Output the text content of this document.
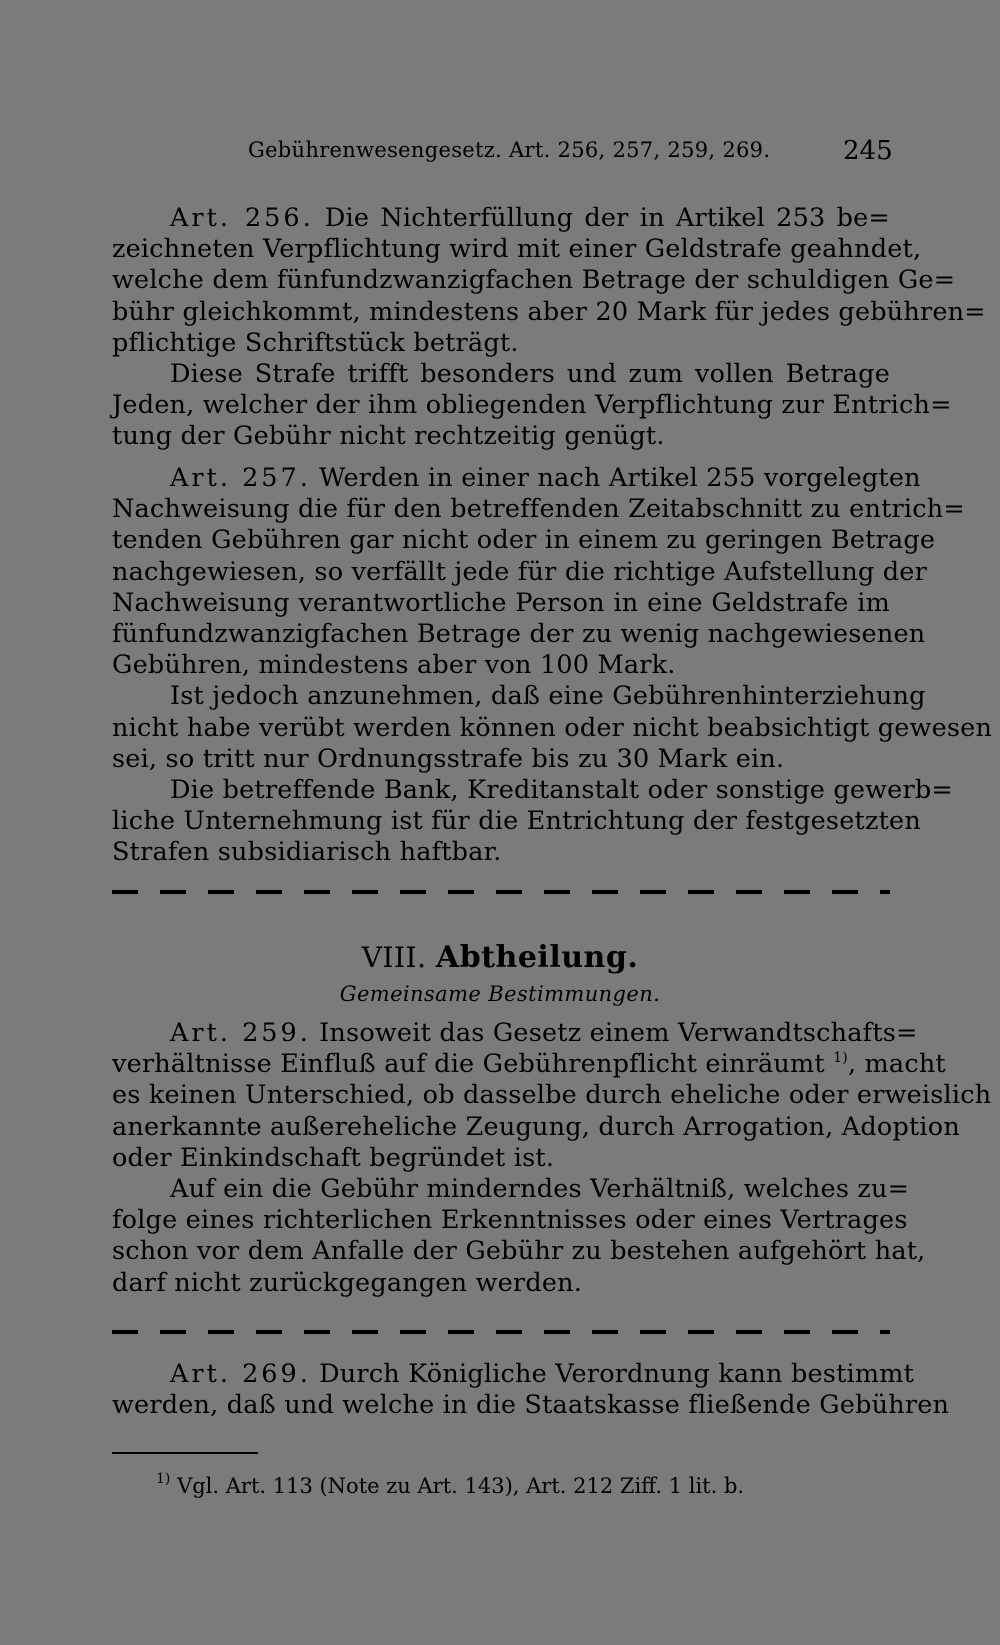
Gebührenwesengesetz. Art. 256, 257, 259, 269.	245
Art. 256. Die Nichterfüllung der in Artikel 253 be=
zeichneten Verpflichtung wird mit einer Geldstrafe geahndet,
welche dem fünfundzwanzigfachen Betrage der schuldigen Ge=
bühr gleichkommt, mindestens aber 20 Mark für jedes gebühren=
pflichtige Schriftstück beträgt.
Diese Strafe trifft besonders und zum vollen Betrage
Jeden, welcher der ihm obliegenden Verpflichtung zur Entrich=
tung der Gebühr nicht rechtzeitig genügt.
Art. 257. Werden in einer nach Artikel 255 vorgelegten
Nachweisung die für den betreffenden Zeitabschnitt zu entrich=
tenden Gebühren gar nicht oder in einem zu geringen Betrage
nachgewiesen, so verfällt jede für die richtige Aufstellung der
Nachweisung verantwortliche Person in eine Geldstrafe im
fünfundzwanzigfachen Betrage der zu wenig nachgewiesenen
Gebühren, mindestens aber von 100 Mark.
Ist jedoch anzunehmen, daß eine Gebührenhinterziehung
nicht habe verübt werden können oder nicht beabsichtigt gewesen
sei, so tritt nur Ordnungsstrafe bis zu 30 Mark ein.
Die betreffende Bank, Kreditanstalt oder sonstige gewerb=
liche Unternehmung ist für die Entrichtung der festgesetzten
Strafen subsidiarisch haftbar.
VIII. Abtheilung.
Gemeinsame Bestimmungen.
Art. 259. Insoweit das Gesetz einem Verwandtschafts=
verhältnisse Einfluß auf die Gebührenpflicht einräumt $^{1)}$, macht
es keinen Unterschied, ob dasselbe durch eheliche oder erweislich
anerkannte außereheliche Zeugung, durch Arrogation, Adoption
oder Einkindschaft begründet ist.
Auf ein die Gebühr minderndes Verhältniß, welches zu=
folge eines richterlichen Erkenntnisses oder eines Vertrages
schon vor dem Anfalle der Gebühr zu bestehen aufgehört hat,
darf nicht zurückgegangen werden.
Art. 269. Durch Königliche Verordnung kann bestimmt
werden, daß und welche in die Staatskasse fließende Gebühren
$^{1)}$ Vgl. Art. 113 (Note zu Art. 143), Art. 212 Ziff. 1 lit. b.
